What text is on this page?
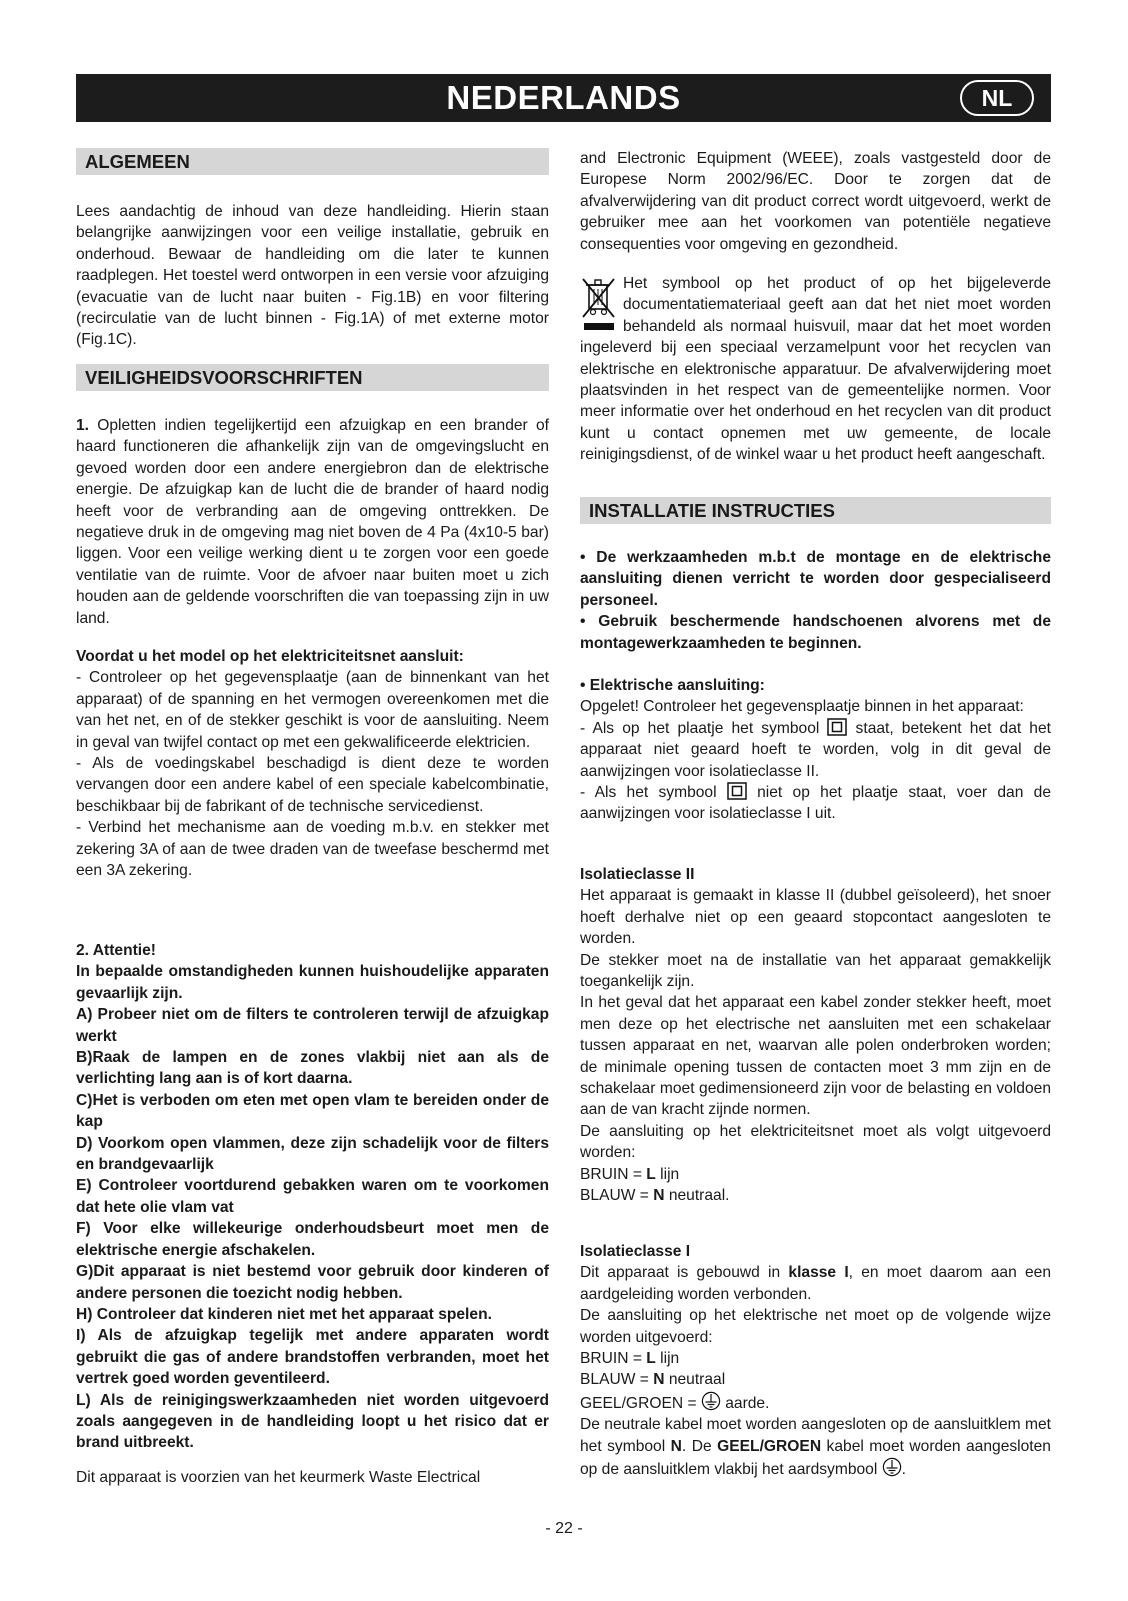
NEDERLANDS	NL
ALGEMEEN

Lees aandachtig de inhoud van deze handleiding. Hierin staan belangrijke aanwijzingen voor een veilige installatie, gebruik en onderhoud. Bewaar de handleiding om die later te kunnen raadplegen. Het toestel werd ontworpen in een versie voor afzuiging (evacuatie van de lucht naar buiten - Fig.1B) en voor filtering (recirculatie van de lucht binnen - Fig.1A) of met externe motor (Fig.1C).

VEILIGHEIDSVOORSCHRIFTEN

1. Opletten indien tegelijkertijd een afzuigkap en een brander of haard functioneren die afhankelijk zijn van de omgevingslucht en gevoed worden door een andere energiebron dan de elektrische energie. De afzuigkap kan de lucht die de brander of haard nodig heeft voor de verbranding aan de omgeving onttrekken. De negatieve druk in de omgeving mag niet boven de 4 Pa (4x10-5 bar) liggen. Voor een veilige werking dient u te zorgen voor een goede ventilatie van de ruimte. Voor de afvoer naar buiten moet u zich houden aan de geldende voorschriften die van toepassing zijn in uw land.

Voordat u het model op het elektriciteitsnet aansluit:

- Controleer op het gegevensplaatje (aan de binnenkant van het apparaat) of de spanning en het vermogen overeenkomen met die van het net, en of de stekker geschikt is voor de aansluiting. Neem in geval van twijfel contact op met een gekwalificeerde elektricien.

- Als de voedingskabel beschadigd is dient deze te worden vervangen door een andere kabel of een speciale kabelcombinatie, beschikbaar bij de fabrikant of de technische servicedienst.

- Verbind het mechanisme aan de voeding m.b.v. en stekker met zekering 3A of aan de twee draden van de tweefase beschermd met een 3A zekering.

2. Attentie!

In bepaalde omstandigheden kunnen huishoudelijke apparaten gevaarlijk zijn.

A) Probeer niet om de filters te controleren terwijl de afzuigkap werkt

B)Raak de lampen en de zones vlakbij niet aan als de verlichting lang aan is of kort daarna.

C)Het is verboden om eten met open vlam te bereiden onder de kap

D) Voorkom open vlammen, deze zijn schadelijk voor de filters en brandgevaarlijk

E) Controleer voortdurend gebakken waren om te voorkomen dat hete olie vlam vat

F) Voor elke willekeurige onderhoudsbeurt moet men de elektrische energie afschakelen.

G)Dit apparaat is niet bestemd voor gebruik door kinderen of andere personen die toezicht nodig hebben.

H) Controleer dat kinderen niet met het apparaat spelen.

I) Als de afzuigkap tegelijk met andere apparaten wordt gebruikt die gas of andere brandstoffen verbranden, moet het vertrek goed worden geventileerd.

L) Als de reinigingswerkzaamheden niet worden uitgevoerd zoals aangegeven in de handleiding loopt u het risico dat er brand uitbreekt.

Dit apparaat is voorzien van het keurmerk Waste Electrical

and Electronic Equipment (WEEE), zoals vastgesteld door de Europese Norm 2002/96/EC. Door te zorgen dat de afvalverwijdering van dit product correct wordt uitgevoerd, werkt de gebruiker mee aan het voorkomen van potentiële negatieve consequenties voor omgeving en gezondheid.

Het symbool op het product of op het bijgeleverde documentatiemateriaal geeft aan dat het niet moet worden behandeld als normaal huisvuil, maar dat het moet worden ingeleverd bij een speciaal verzamelpunt voor het recyclen van elektrische en elektronische apparatuur. De afvalverwijdering moet plaatsvinden in het respect van de gemeentelijke normen. Voor meer informatie over het onderhoud en het recyclen van dit product kunt u contact opnemen met uw gemeente, de locale reinigingsdienst, of de winkel waar u het product heeft aangeschaft.

INSTALLATIE INSTRUCTIES

• De werkzaamheden m.b.t de montage en de elektrische aansluiting dienen verricht te worden door gespecialiseerd personeel.

• Gebruik beschermende handschoenen alvorens met de montagewerkzaamheden te beginnen.

• Elektrische aansluiting:

Opgelet! Controleer het gegevensplaatje binnen in het apparaat:

- Als op het plaatje het symbool  staat, betekent het dat het apparaat niet geaard hoeft te worden, volg in dit geval de aanwijzingen voor isolatieclasse II.

- Als het symbool  niet op het plaatje staat, voer dan de aanwijzingen voor isolatieclasse I uit.

Isolatieclasse II

Het apparaat is gemaakt in klasse II (dubbel geïsoleerd), het snoer hoeft derhalve niet op een geaard stopcontact aangesloten te worden.

De stekker moet na de installatie van het apparaat gemakkelijk toegankelijk zijn.

In het geval dat het apparaat een kabel zonder stekker heeft, moet men deze op het electrische net aansluiten met een schakelaar tussen apparaat en net, waarvan alle polen onderbroken worden; de minimale opening tussen de contacten moet 3 mm zijn en de schakelaar moet gedimensioneerd zijn voor de belasting en voldoen aan de van kracht zijnde normen.

De aansluiting op het elektriciteitsnet moet als volgt uitgevoerd worden:

BRUIN = L lijn

BLAUW = N neutraal.

Isolatieclasse I

Dit apparaat is gebouwd in klasse I, en moet daarom aan een aardgeleiding worden verbonden.

De aansluiting op het elektrische net moet op de volgende wijze worden uitgevoerd:

BRUIN = L lijn

BLAUW = N neutraal

GEEL/GROEN =  aarde.

De neutrale kabel moet worden aangesloten op de aansluitklem met het symbool N. De GEEL/GROEN kabel moet worden aangesloten op de aansluitklem vlakbij het aardsymbool .

- 22 -
